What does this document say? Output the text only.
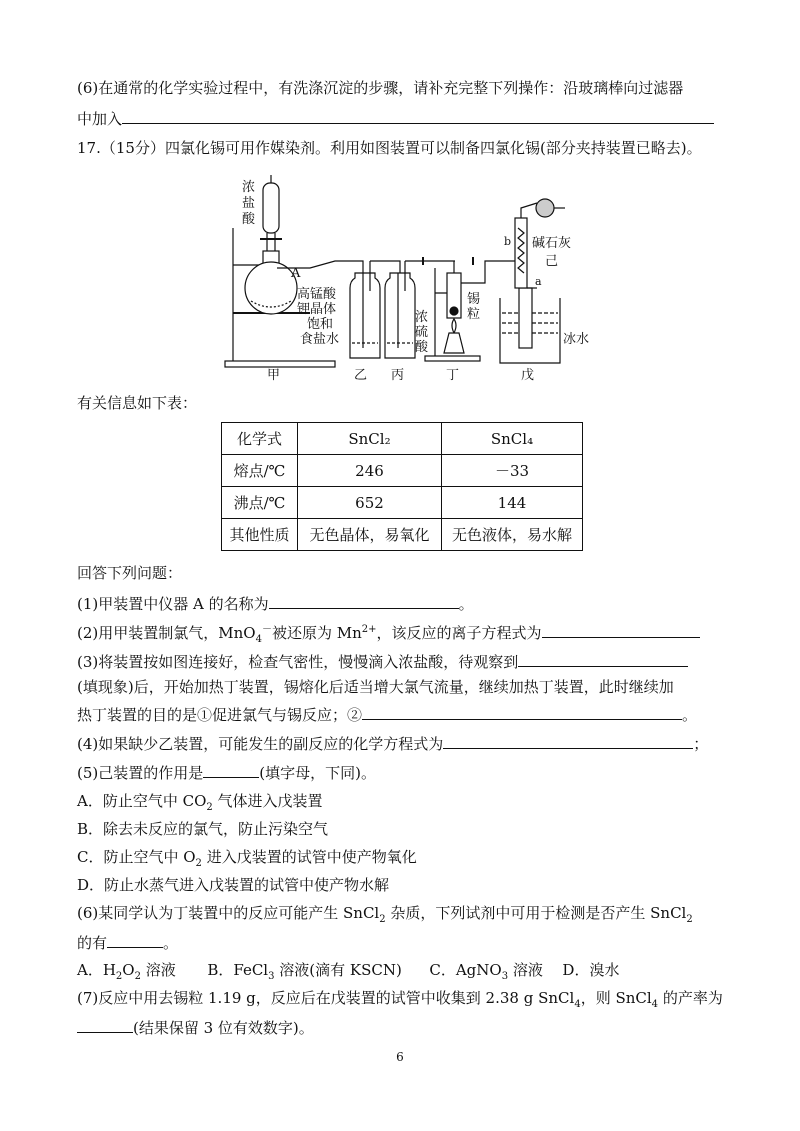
(6)在通常的化学实验过程中，有洗涤沉淀的步骤，请补充完整下列操作：沿玻璃棒向过滤器
中加入
17.（15分）四氯化锡可用作媒染剂。利用如图装置可以制备四氯化锡(部分夹持装置已略去)。
浓盐酸
A
高锰酸
钾晶体
饱和
食盐水
浓硫酸
锡粒
碱石灰
己
b
a
冰水
甲	乙 丙	丁	戊
有关信息如下表：
化学式	SnCl₂	SnCl₄
熔点/℃	246	－33
沸点/℃	652	144
其他性质	无色晶体，易氧化	无色液体，易水解
回答下列问题：
(1)甲装置中仪器 A 的名称为	。
(2)用甲装置制氯气，MnO$_4$－被还原为 $Mn^{2+}$，该反应的离子方程式为
(3)将装置按如图连接好，检查气密性，慢慢滴入浓盐酸，待观察到
(填现象)后，开始加热丁装置，锡熔化后适当增大氯气流量，继续加热丁装置，此时继续加
热丁装置的目的是①促进氯气与锡反应；②	。
(4)如果缺少乙装置，可能发生的副反应的化学方程式为	；
(5)己装置的作用是	(填字母，下同)。
A．防止空气中 $CO_2$ 气体进入戊装置
B．除去未反应的氯气，防止污染空气
C．防止空气中 $O_2$ 进入戊装置的试管中使产物氧化
D．防止水蒸气进入戊装置的试管中使产物水解
(6)某同学认为丁装置中的反应可能产生 SnCl$_2$ 杂质，下列试剂中可用于检测是否产生 SnCl$_2$
的有	。
A．$H_2O_2$ 溶液 B．FeCl$_3$ 溶液(滴有 KSCN) C．AgNO$_3$ 溶液 D．溴水
(7)反应中用去锡粒 1.19 g，反应后在戊装置的试管中收集到 2.38 g SnCl$_4$，则 SnCl$_4$ 的产率为
(结果保留 3 位有效数字)。
6
